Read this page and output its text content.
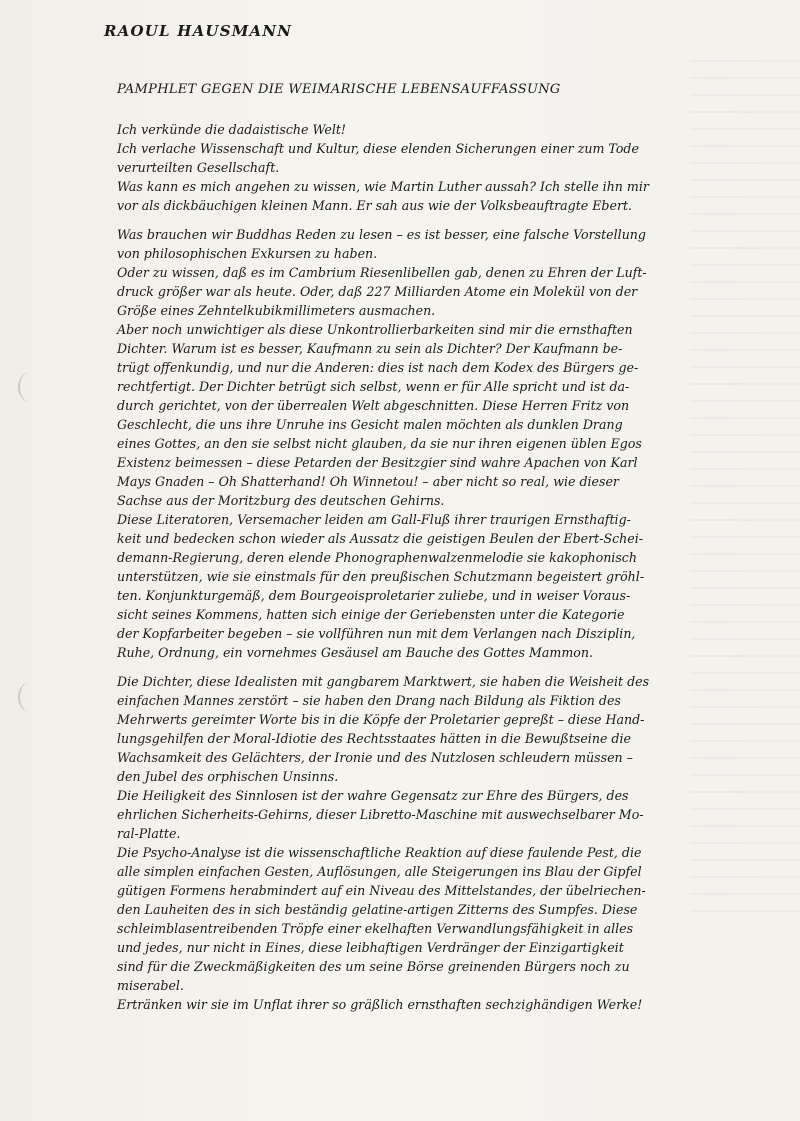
RAOUL HAUSMANN
PAMPHLET GEGEN DIE WEIMARISCHE LEBENSAUFFASSUNG
Ich verkünde die dadaistische Welt!
Ich verlache Wissenschaft und Kultur, diese elenden Sicherungen einer zum Tode
verurteilten Gesellschaft.
Was kann es mich angehen zu wissen, wie Martin Luther aussah? Ich stelle ihn mir
vor als dickbäuchigen kleinen Mann. Er sah aus wie der Volksbeauftragte Ebert.
Was brauchen wir Buddhas Reden zu lesen – es ist besser, eine falsche Vorstellung
von philosophischen Exkursen zu haben.
Oder zu wissen, daß es im Cambrium Riesenlibellen gab, denen zu Ehren der Luft-
druck größer war als heute. Oder, daß 227 Milliarden Atome ein Molekül von der
Größe eines Zehntelkubikmillimeters ausmachen.
Aber noch unwichtiger als diese Unkontrollierbarkeiten sind mir die ernsthaften
Dichter. Warum ist es besser, Kaufmann zu sein als Dichter? Der Kaufmann be-
trügt offenkundig, und nur die Anderen: dies ist nach dem Kodex des Bürgers ge-
rechtfertigt. Der Dichter betrügt sich selbst, wenn er für Alle spricht und ist da-
durch gerichtet, von der überrealen Welt abgeschnitten. Diese Herren Fritz von
Geschlecht, die uns ihre Unruhe ins Gesicht malen möchten als dunklen Drang
eines Gottes, an den sie selbst nicht glauben, da sie nur ihren eigenen üblen Egos
Existenz beimessen – diese Petarden der Besitzgier sind wahre Apachen von Karl
Mays Gnaden – Oh Shatterhand! Oh Winnetou! – aber nicht so real, wie dieser
Sachse aus der Moritzburg des deutschen Gehirns.
Diese Literatoren, Versemacher leiden am Gall-Fluß ihrer traurigen Ernsthaftig-
keit und bedecken schon wieder als Aussatz die geistigen Beulen der Ebert-Schei-
demann-Regierung, deren elende Phonographenwalzenmelodie sie kakophonisch
unterstützen, wie sie einstmals für den preußischen Schutzmann begeistert gröhl-
ten. Konjunkturgemäß, dem Bourgeoisproletarier zuliebe, und in weiser Voraus-
sicht seines Kommens, hatten sich einige der Geriebensten unter die Kategorie
der Kopfarbeiter begeben – sie vollführen nun mit dem Verlangen nach Disziplin,
Ruhe, Ordnung, ein vornehmes Gesäusel am Bauche des Gottes Mammon.
Die Dichter, diese Idealisten mit gangbarem Marktwert, sie haben die Weisheit des
einfachen Mannes zerstört – sie haben den Drang nach Bildung als Fiktion des
Mehrwerts gereimter Worte bis in die Köpfe der Proletarier gepreßt – diese Hand-
lungsgehilfen der Moral-Idiotie des Rechtsstaates hätten in die Bewußtseine die
Wachsamkeit des Gelächters, der Ironie und des Nutzlosen schleudern müssen –
den Jubel des orphischen Unsinns.
Die Heiligkeit des Sinnlosen ist der wahre Gegensatz zur Ehre des Bürgers, des
ehrlichen Sicherheits-Gehirns, dieser Libretto-Maschine mit auswechselbarer Mo-
ral-Platte.
Die Psycho-Analyse ist die wissenschaftliche Reaktion auf diese faulende Pest, die
alle simplen einfachen Gesten, Auflösungen, alle Steigerungen ins Blau der Gipfel
gütigen Formens herabmindert auf ein Niveau des Mittelstandes, der übelriechen-
den Lauheiten des in sich beständig gelatine-artigen Zitterns des Sumpfes. Diese
schleimblasentreibenden Tröpfe einer ekelhaften Verwandlungsfähigkeit in alles
und jedes, nur nicht in Eines, diese leibhaftigen Verdränger der Einzigartigkeit
sind für die Zweckmäßigkeiten des um seine Börse greinenden Bürgers noch zu
miserabel.
Ertränken wir sie im Unflat ihrer so gräßlich ernsthaften sechzighändigen Werke!
